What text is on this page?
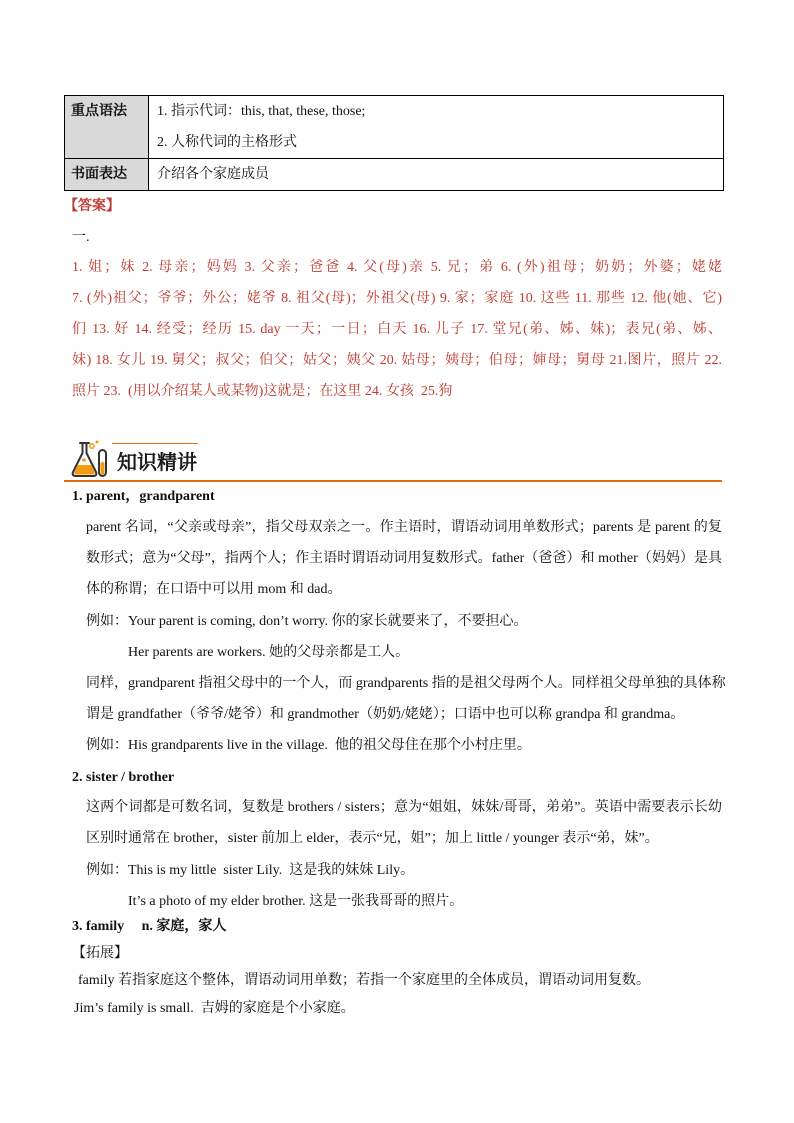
重点语法	1. 指示代词：this, that, these, those;
2. 人称代词的主格形式

书面表达	介绍各个家庭成员
【答案】
一.
1. 姐；妹 2. 母亲；妈妈 3. 父亲；爸爸 4. 父(母)亲 5. 兄；弟 6. (外)祖母；奶奶；外婆；姥姥
7. (外)祖父；爷爷；外公；姥爷 8. 祖父(母)；外祖父(母) 9. 家；家庭 10. 这些 11. 那些 12. 他(她、它)
们 13. 好 14. 经受；经历 15. day 一天；一日；白天 16. 儿子 17. 堂兄(弟、姊、妹)；表兄(弟、姊、
妹) 18. 女儿 19. 舅父；叔父；伯父；姑父；姨父 20. 姑母；姨母；伯母；婶母；舅母 21.图片，照片 22.
照片 23.  (用以介绍某人或某物)这就是；在这里 24. 女孩  25.狗
知识精讲
1. parent，grandparent
parent 名词，“父亲或母亲”，指父母双亲之一。作主语时，谓语动词用单数形式；parents 是 parent 的复
数形式；意为“父母”，指两个人；作主语时谓语动词用复数形式。father（爸爸）和 mother（妈妈）是具
体的称谓；在口语中可以用 mom 和 dad。
例如：Your parent is coming, don’t worry. 你的家长就要来了，不要担心。
Her parents are workers. 她的父母亲都是工人。
同样，grandparent 指祖父母中的一个人，而 grandparents 指的是祖父母两个人。同样祖父母单独的具体称
谓是 grandfather（爷爷/姥爷）和 grandmother（奶奶/姥姥）；口语中也可以称 grandpa 和 grandma。
例如：His grandparents live in the village.  他的祖父母住在那个小村庄里。
2. sister / brother
这两个词都是可数名词，复数是 brothers / sisters；意为“姐姐，妹妹/哥哥，弟弟”。英语中需要表示长幼
区别时通常在 brother，sister 前加上 elder，表示“兄，姐”；加上 little / younger 表示“弟，妹”。
例如：This is my little  sister Lily.  这是我的妹妹 Lily。
It’s a photo of my elder brother. 这是一张我哥哥的照片。
3. family     n. 家庭，家人
【拓展】
family 若指家庭这个整体，谓语动词用单数；若指一个家庭里的全体成员，谓语动词用复数。
Jim’s family is small.  吉姆的家庭是个小家庭。
